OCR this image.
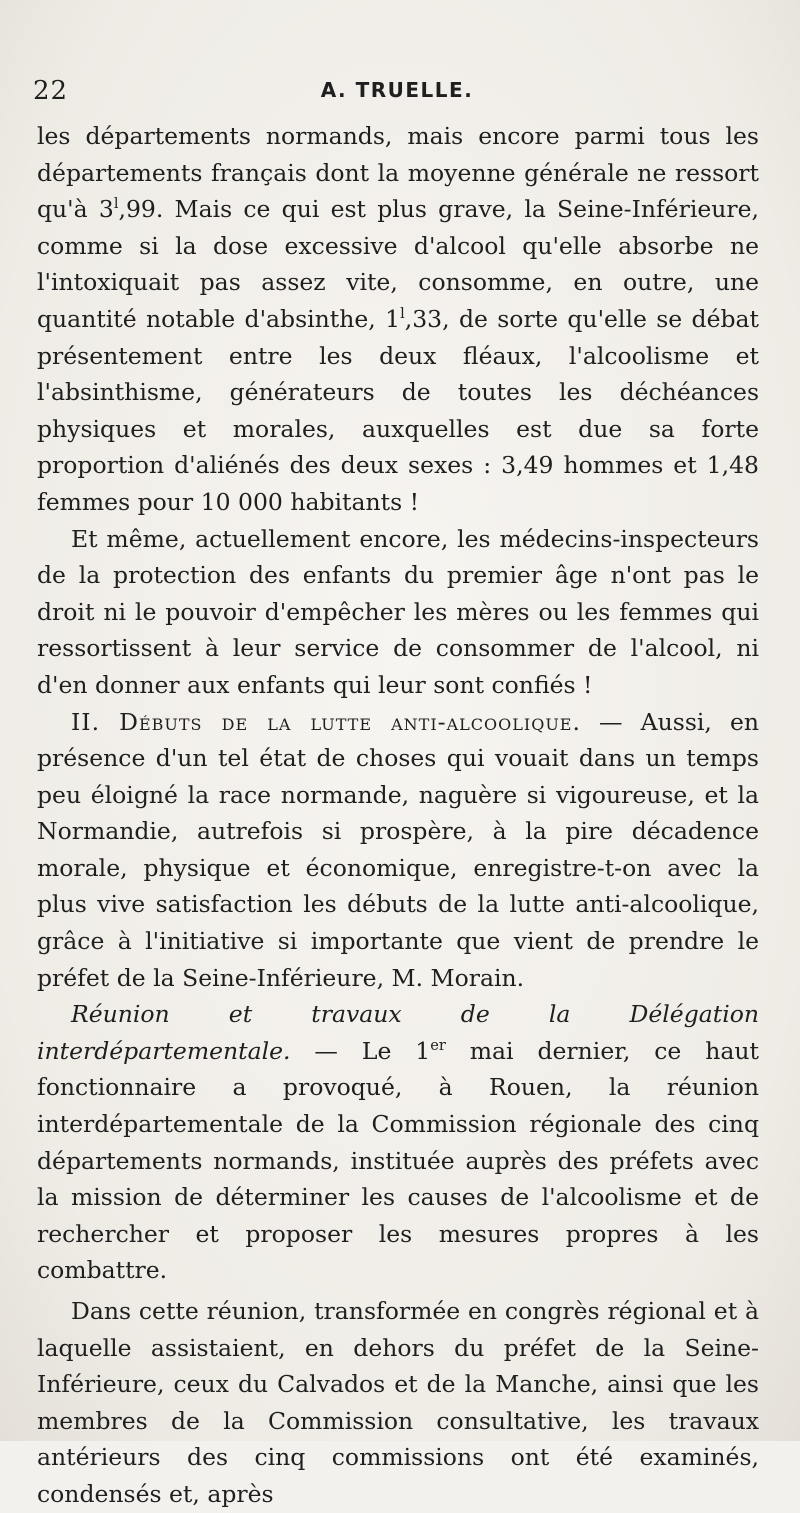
22	A. TRUELLE.

les départements normands, mais encore parmi tous les départements français dont la moyenne générale ne ressort qu'à 3$^l$,99. Mais ce qui est plus grave, la Seine-Inférieure, comme si la dose excessive d'alcool qu'elle absorbe ne l'intoxiquait pas assez vite, consomme, en outre, une quantité notable d'absinthe, 1$^l$,33, de sorte qu'elle se débat présentement entre les deux fléaux, l'alcoolisme et l'absinthisme, générateurs de toutes les déchéances physiques et morales, auxquelles est due sa forte proportion d'aliénés des deux sexes : 3,49 hommes et 1,48 femmes pour 10 000 habitants !

Et même, actuellement encore, les médecins-inspecteurs de la protection des enfants du premier âge n'ont pas le droit ni le pouvoir d'empêcher les mères ou les femmes qui ressortissent à leur service de consommer de l'alcool, ni d'en donner aux enfants qui leur sont confiés !

II. Débuts de la lutte anti-alcoolique. — Aussi, en présence d'un tel état de choses qui vouait dans un temps peu éloigné la race normande, naguère si vigoureuse, et la Normandie, autrefois si prospère, à la pire décadence morale, physique et économique, enregistre-t-on avec la plus vive satisfaction les débuts de la lutte anti-alcoolique, grâce à l'initiative si importante que vient de prendre le préfet de la Seine-Inférieure, M. Morain.

Réunion et travaux de la Délégation interdépartementale. — Le 1er mai dernier, ce haut fonctionnaire a provoqué, à Rouen, la réunion interdépartementale de la Commission régionale des cinq départements normands, instituée auprès des préfets avec la mission de déterminer les causes de l'alcoolisme et de rechercher et proposer les mesures propres à les combattre.

Dans cette réunion, transformée en congrès régional et à laquelle assistaient, en dehors du préfet de la Seine-Inférieure, ceux du Calvados et de la Manche, ainsi que les membres de la Commission consultative, les travaux antérieurs des cinq commissions ont été examinés, condensés et, après
